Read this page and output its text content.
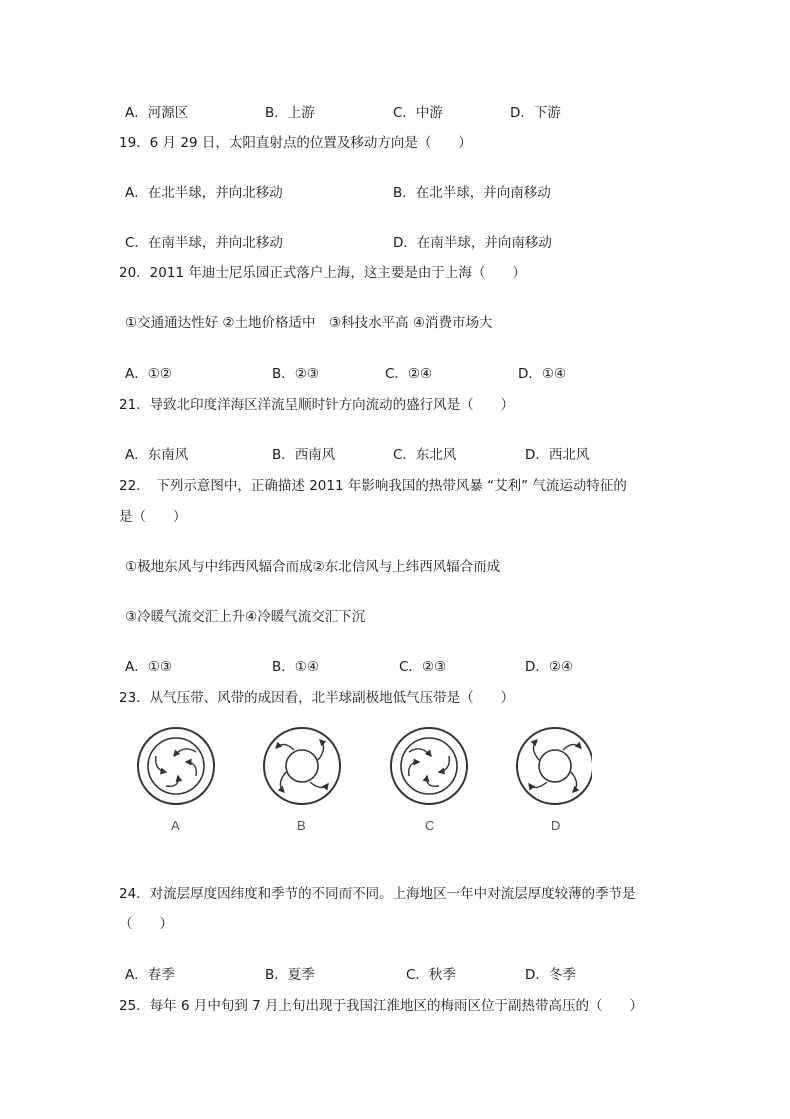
A．河源区	B．上游	C．中游	D．下游
19．6 月 29 日，太阳直射点的位置及移动方向是（　　）
A．在北半球，并向北移动	B．在北半球，并向南移动
C．在南半球，并向北移动	D．在南半球，并向南移动
20．2011 年迪士尼乐园正式落户上海，这主要是由于上海（　　）
①交通通达性好 ②土地价格适中　③科技水平高 ④消费市场大
A．①②	B．②③	C．②④	D．①④
21．导致北印度洋海区洋流呈顺时针方向流动的盛行风是（　　）
A．东南风	B．西南风	C．东北风	D．西北风
22．　下列示意图中，正确描述 2011 年影响我国的热带风暴 “艾利” 气流运动特征的
是（　　）
①极地东风与中纬西风辐合而成②东北信风与上纬西风辐合而成
③冷暖气流交汇上升④冷暖气流交汇下沉
A．①③	B．①④	C．②③	D．②④
23．从气压带、风带的成因看，北半球副极地低气压带是（　　）
A	B	C	D
24．对流层厚度因纬度和季节的不同而不同。上海地区一年中对流层厚度较薄的季节是
（　　）
A．春季	B．夏季	C．秋季	D．冬季
25．每年 6 月中旬到 7 月上旬出现于我国江淮地区的梅雨区位于副热带高压的（　　）
